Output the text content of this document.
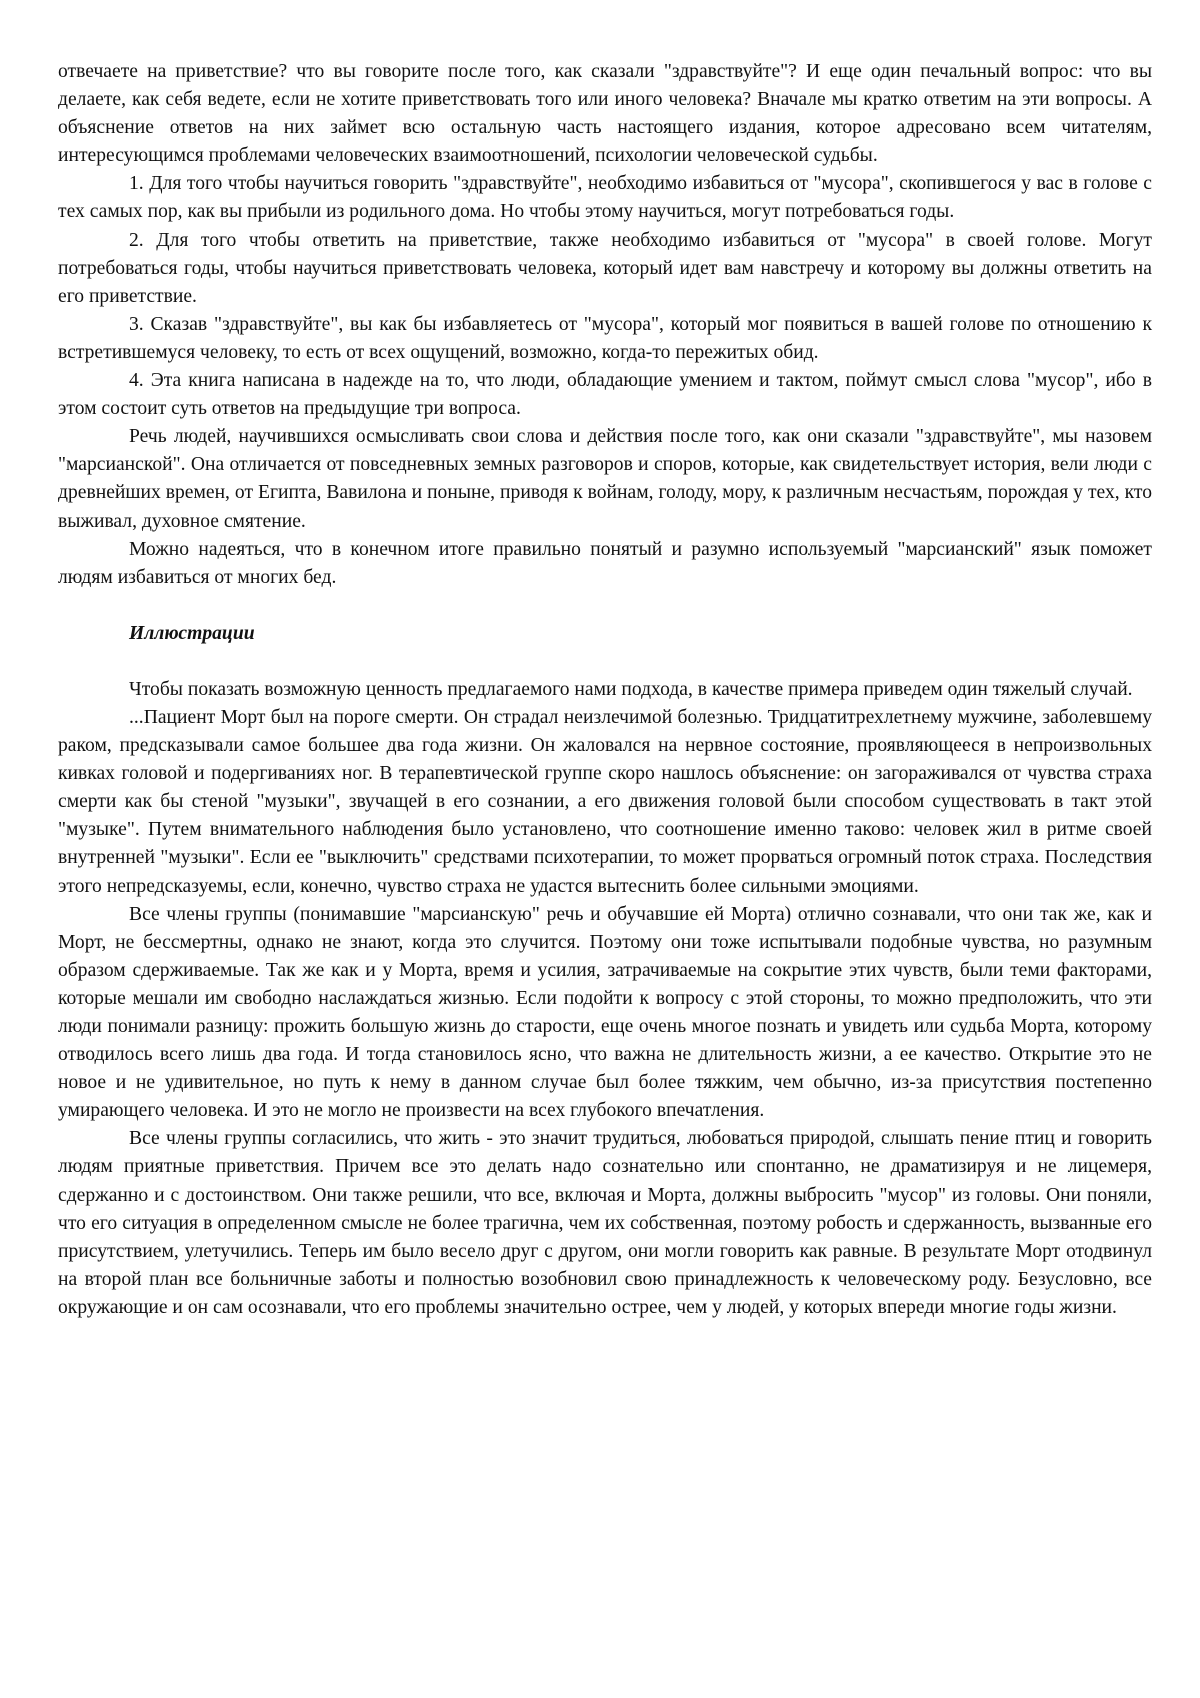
отвечаете на приветствие? что вы говорите после того, как сказали "здравствуйте"? И еще один печальный вопрос: что вы делаете, как себя ведете, если не хотите приветствовать того или иного человека? Вначале мы кратко ответим на эти вопросы. А объяснение ответов на них займет всю остальную часть настоящего издания, которое адресовано всем читателям, интересующимся проблемами человеческих взаимоотношений, психологии человеческой судьбы.

1. Для того чтобы научиться говорить "здравствуйте", необходимо избавиться от "мусора", скопившегося у вас в голове с тех самых пор, как вы прибыли из родильного дома. Но чтобы этому научиться, могут потребоваться годы.

2. Для того чтобы ответить на приветствие, также необходимо избавиться от "мусора" в своей голове. Могут потребоваться годы, чтобы научиться приветствовать человека, который идет вам навстречу и которому вы должны ответить на его приветствие.

3. Сказав "здравствуйте", вы как бы избавляетесь от "мусора", который мог появиться в вашей голове по отношению к встретившемуся человеку, то есть от всех ощущений, возможно, когда-то пережитых обид.

4. Эта книга написана в надежде на то, что люди, обладающие умением и тактом, поймут смысл слова "мусор", ибо в этом состоит суть ответов на предыдущие три вопроса.

Речь людей, научившихся осмысливать свои слова и действия после того, как они сказали "здравствуйте", мы назовем "марсианской". Она отличается от повседневных земных разговоров и споров, которые, как свидетельствует история, вели люди с древнейших времен, от Египта, Вавилона и поныне, приводя к войнам, голоду, мору, к различным несчастьям, порождая у тех, кто выживал, духовное смятение.

Можно надеяться, что в конечном итоге правильно понятый и разумно используемый "марсианский" язык поможет людям избавиться от многих бед.

Иллюстрации

Чтобы показать возможную ценность предлагаемого нами подхода, в качестве примера приведем один тяжелый случай.

...Пациент Морт был на пороге смерти. Он страдал неизлечимой болезнью. Тридцатитрехлетнему мужчине, заболевшему раком, предсказывали самое большее два года жизни. Он жаловался на нервное состояние, проявляющееся в непроизвольных кивках головой и подергиваниях ног. В терапевтической группе скоро нашлось объяснение: он загораживался от чувства страха смерти как бы стеной "музыки", звучащей в его сознании, а его движения головой были способом существовать в такт этой "музыке". Путем внимательного наблюдения было установлено, что соотношение именно таково: человек жил в ритме своей внутренней "музыки". Если ее "выключить" средствами психотерапии, то может прорваться огромный поток страха. Последствия этого непредсказуемы, если, конечно, чувство страха не удастся вытеснить более сильными эмоциями.

Все члены группы (понимавшие "марсианскую" речь и обучавшие ей Морта) отлично сознавали, что они так же, как и Морт, не бессмертны, однако не знают, когда это случится. Поэтому они тоже испытывали подобные чувства, но разумным образом сдерживаемые. Так же как и у Морта, время и усилия, затрачиваемые на сокрытие этих чувств, были теми факторами, которые мешали им свободно наслаждаться жизнью. Если подойти к вопросу с этой стороны, то можно предположить, что эти люди понимали разницу: прожить большую жизнь до старости, еще очень многое познать и увидеть или судьба Морта, которому отводилось всего лишь два года. И тогда становилось ясно, что важна не длительность жизни, а ее качество. Открытие это не новое и не удивительное, но путь к нему в данном случае был более тяжким, чем обычно, из-за присутствия постепенно умирающего человека. И это не могло не произвести на всех глубокого впечатления.

Все члены группы согласились, что жить - это значит трудиться, любоваться природой, слышать пение птиц и говорить людям приятные приветствия. Причем все это делать надо сознательно или спонтанно, не драматизируя и не лицемеря, сдержанно и с достоинством. Они также решили, что все, включая и Морта, должны выбросить "мусор" из головы. Они поняли, что его ситуация в определенном смысле не более трагична, чем их собственная, поэтому робость и сдержанность, вызванные его присутствием, улетучились. Теперь им было весело друг с другом, они могли говорить как равные. В результате Морт отодвинул на второй план все больничные заботы и полностью возобновил свою принадлежность к человеческому роду. Безусловно, все окружающие и он сам осознавали, что его проблемы значительно острее, чем у людей, у которых впереди многие годы жизни.
